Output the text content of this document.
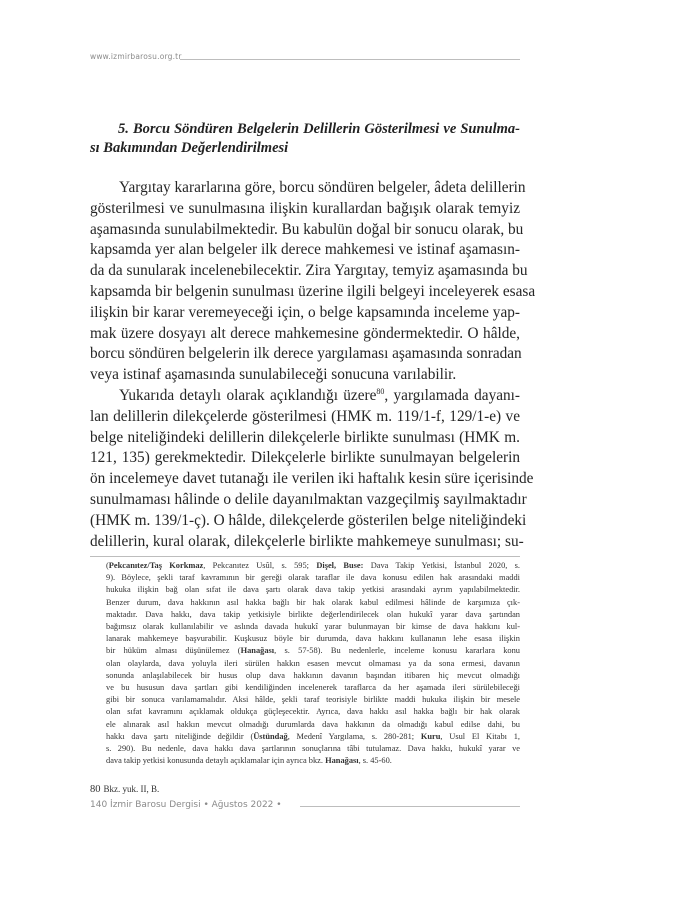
www.izmirbarosu.org.tr
5. Borcu Söndüren Belgelerin Delillerin Gösterilmesi ve Sunulma-
sı Bakımından Değerlendirilmesi
Yargıtay kararlarına göre, borcu söndüren belgeler, âdeta delillerin
gösterilmesi ve sunulmasına ilişkin kurallardan bağışık olarak temyiz
aşamasında sunulabilmektedir. Bu kabulün doğal bir sonucu olarak, bu
kapsamda yer alan belgeler ilk derece mahkemesi ve istinaf aşamasın-
da da sunularak incelenebilecektir. Zira Yargıtay, temyiz aşamasında bu
kapsamda bir belgenin sunulması üzerine ilgili belgeyi inceleyerek esasa
ilişkin bir karar veremeyeceği için, o belge kapsamında inceleme yap-
mak üzere dosyayı alt derece mahkemesine göndermektedir. O hâlde,
borcu söndüren belgelerin ilk derece yargılaması aşamasında sonradan
veya istinaf aşamasında sunulabileceği sonucuna varılabilir.
Yukarıda detaylı olarak açıklandığı üzere$^{80}$, yargılamada dayanı-
lan delillerin dilekçelerde gösterilmesi (HMK m. 119/1-f, 129/1-e) ve
belge niteliğindeki delillerin dilekçelerle birlikte sunulması (HMK m.
121, 135) gerekmektedir. Dilekçelerle birlikte sunulmayan belgelerin
ön incelemeye davet tutanağı ile verilen iki haftalık kesin süre içerisinde
sunulmaması hâlinde o delile dayanılmaktan vazgeçilmiş sayılmaktadır
(HMK m. 139/1-ç). O hâlde, dilekçelerde gösterilen belge niteliğindeki
delillerin, kural olarak, dilekçelerle birlikte mahkemeye sunulması; su-
(Pekcanıtez/Taş Korkmaz, Pekcanıtez Usûl, s. 595; Dişel, Buse: Dava Takip Yetkisi, İstanbul 2020, s.
9). Böylece, şekli taraf kavramının bir gereği olarak taraflar ile dava konusu edilen hak arasındaki maddi
hukuka ilişkin bağ olan sıfat ile dava şartı olarak dava takip yetkisi arasındaki ayrım yapılabilmektedir.
Benzer durum, dava hakkının asıl hakka bağlı bir hak olarak kabul edilmesi hâlinde de karşımıza çık-
maktadır. Dava hakkı, dava takip yetkisiyle birlikte değerlendirilecek olan hukukî yarar dava şartından
bağımsız olarak kullanılabilir ve aslında davada hukukî yarar bulunmayan bir kimse de dava hakkını kul-
lanarak mahkemeye başvurabilir. Kuşkusuz böyle bir durumda, dava hakkını kullananın lehe esasa ilişkin
bir hüküm alması düşünülemez (Hanağası, s. 57-58). Bu nedenlerle, inceleme konusu kararlara konu
olan olaylarda, dava yoluyla ileri sürülen hakkın esasen mevcut olmaması ya da sona ermesi, davanın
sonunda anlaşılabilecek bir husus olup dava hakkının davanın başından itibaren hiç mevcut olmadığı
ve bu hususun dava şartları gibi kendiliğinden incelenerek taraflarca da her aşamada ileri sürülebileceği
gibi bir sonuca varılamamalıdır. Aksi hâlde, şekli taraf teorisiyle birlikte maddi hukuka ilişkin bir mesele
olan sıfat kavramını açıklamak oldukça güçleşecektir. Ayrıca, dava hakkı asıl hakka bağlı bir hak olarak
ele alınarak asıl hakkın mevcut olmadığı durumlarda dava hakkının da olmadığı kabul edilse dahi, bu
hakkı dava şartı niteliğinde değildir (Üstündağ, Medenî Yargılama, s. 280-281; Kuru, Usul El Kitabı 1,
s. 290). Bu nedenle, dava hakkı dava şartlarının sonuçlarına tâbi tutulamaz. Dava hakkı, hukukî yarar ve
dava takip yetkisi konusunda detaylı açıklamalar için ayrıca bkz. Hanağası, s. 45-60.
80 Bkz. yuk. II, B.
140 İzmir Barosu Dergisi • Ağustos 2022 •
